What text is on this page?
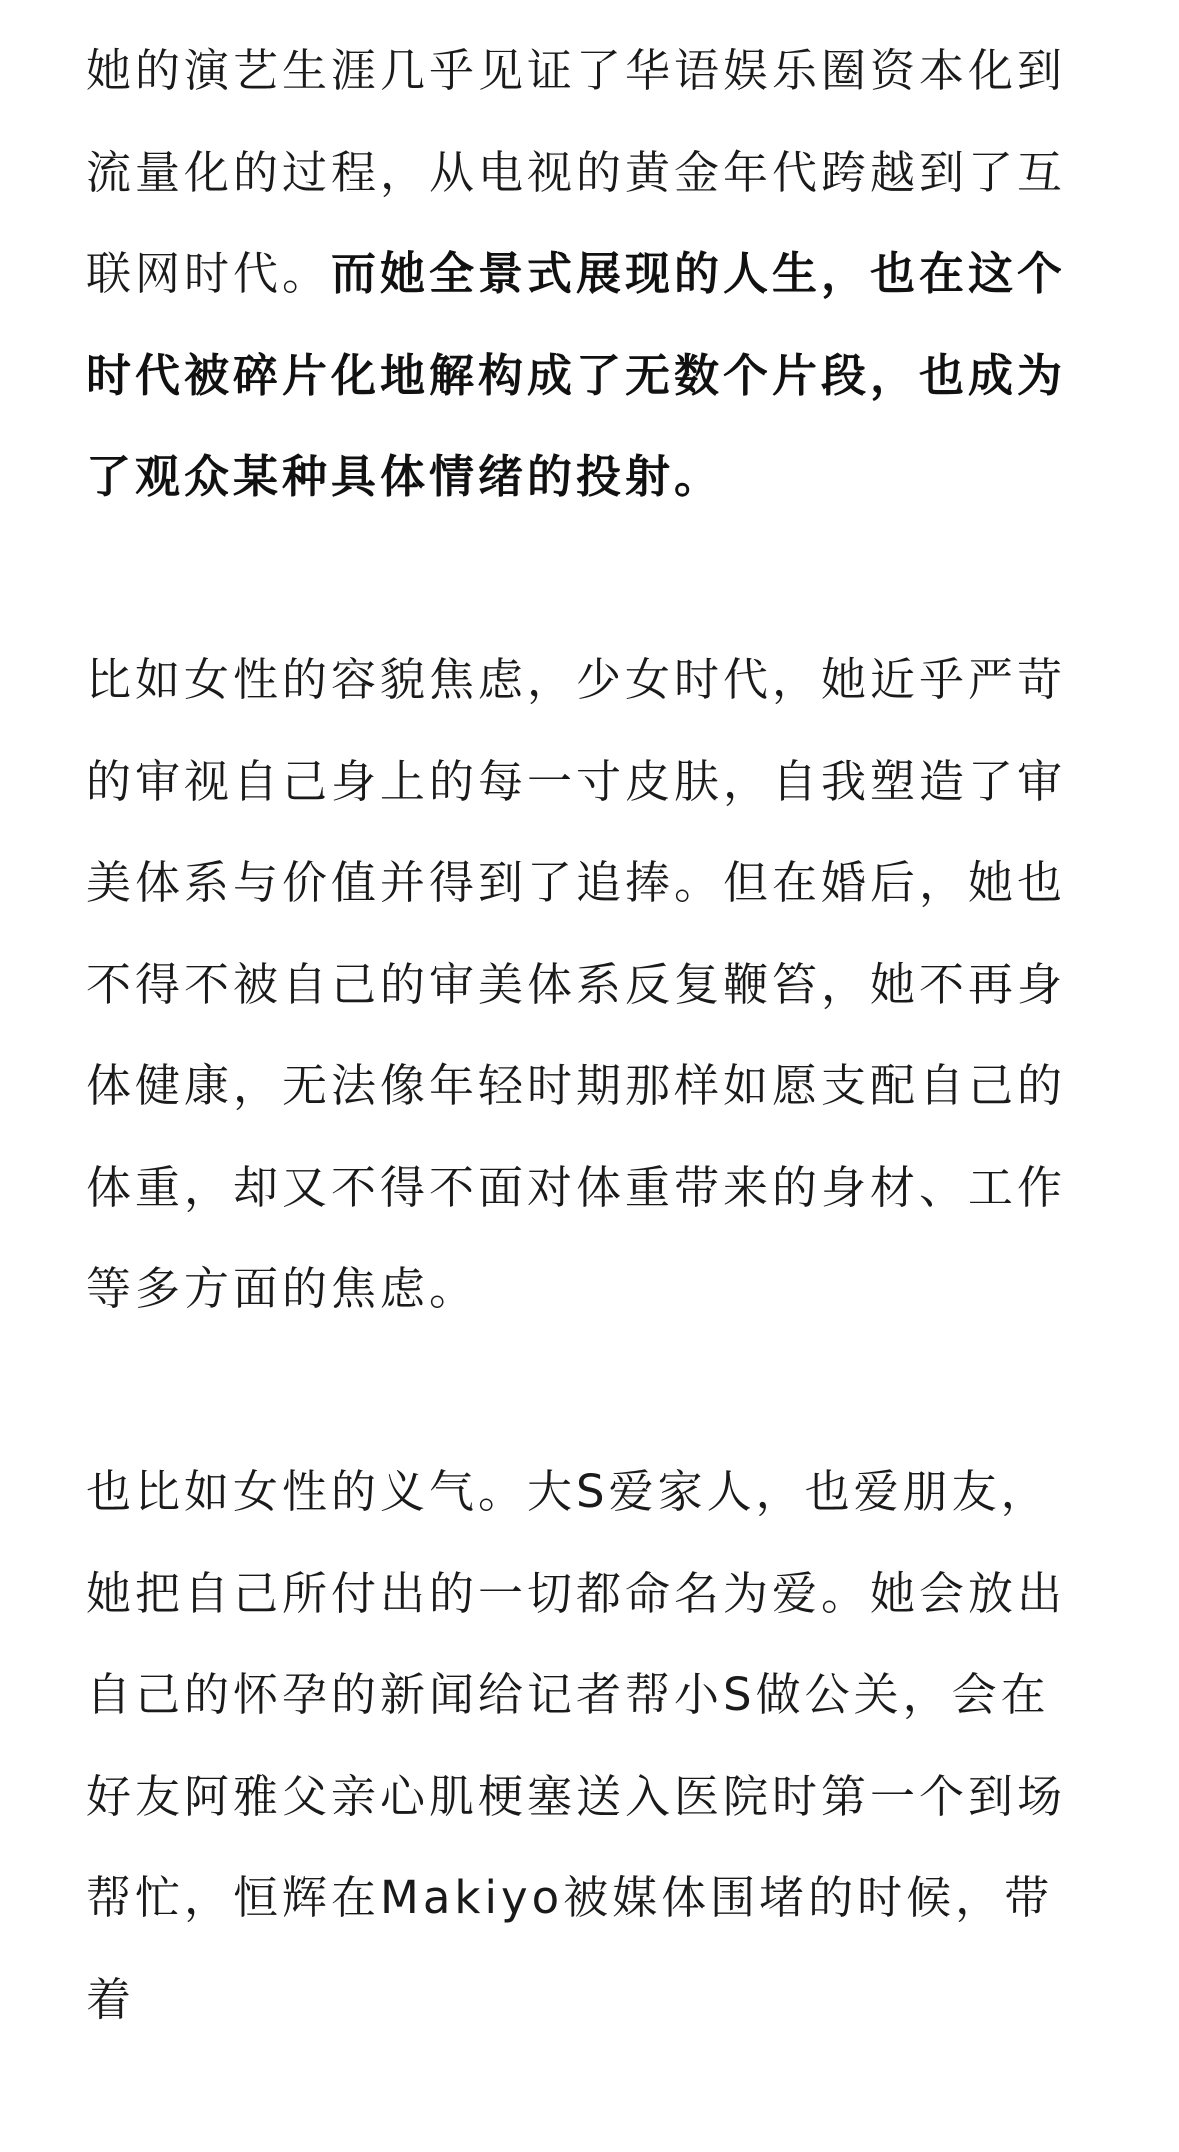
她的演艺生涯几乎见证了华语娱乐圈资本化到流量化的过程，从电视的黄金年代跨越到了互联网时代。而她全景式展现的人生，也在这个时代被碎片化地解构成了无数个片段，也成为了观众某种具体情绪的投射。

比如女性的容貌焦虑，少女时代，她近乎严苛的审视自己身上的每一寸皮肤，自我塑造了审美体系与价值并得到了追捧。但在婚后，她也不得不被自己的审美体系反复鞭笞，她不再身体健康，无法像年轻时期那样如愿支配自己的体重，却又不得不面对体重带来的身材、工作等多方面的焦虑。

也比如女性的义气。大S爱家人，也爱朋友，她把自己所付出的一切都命名为爱。她会放出自己的怀孕的新闻给记者帮小S做公关，会在好友阿雅父亲心肌梗塞送入医院时第一个到场帮忙，恒辉在Makiyo被媒体围堵的时候，带着
